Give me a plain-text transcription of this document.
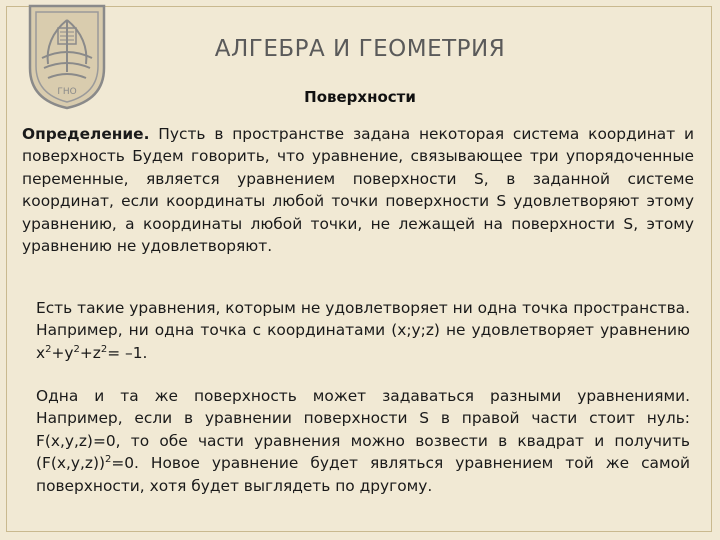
ГНО
АЛГЕБРА И ГЕОМЕТРИЯ
Поверхности
Определение. Пусть в пространстве задана некоторая система координат и поверхность Будем говорить, что уравнение, связывающее три упорядоченные переменные, является уравнением поверхности S, в заданной системе координат, если координаты любой точки поверхности S удовлетворяют этому уравнению, а координаты любой точки, не лежащей на поверхности S, этому уравнению не удовлетворяют.
Есть такие уравнения, которым не удовлетворяет ни одна точка пространства. Например, ни одна точка с координатами (x;y;z) не удовлетворяет уравнению $x^2+y^2+z^2= -1$.
Одна и та же поверхность может задаваться разными уравнениями. Например, если в уравнении поверхности S в правой части стоит нуль: F(x,y,z)=0, то обе части уравнения можно возвести в квадрат и получить $(F(x,y,z))^2=0$. Новое уравнение будет являться уравнением той же самой поверхности, хотя будет выглядеть по другому.
